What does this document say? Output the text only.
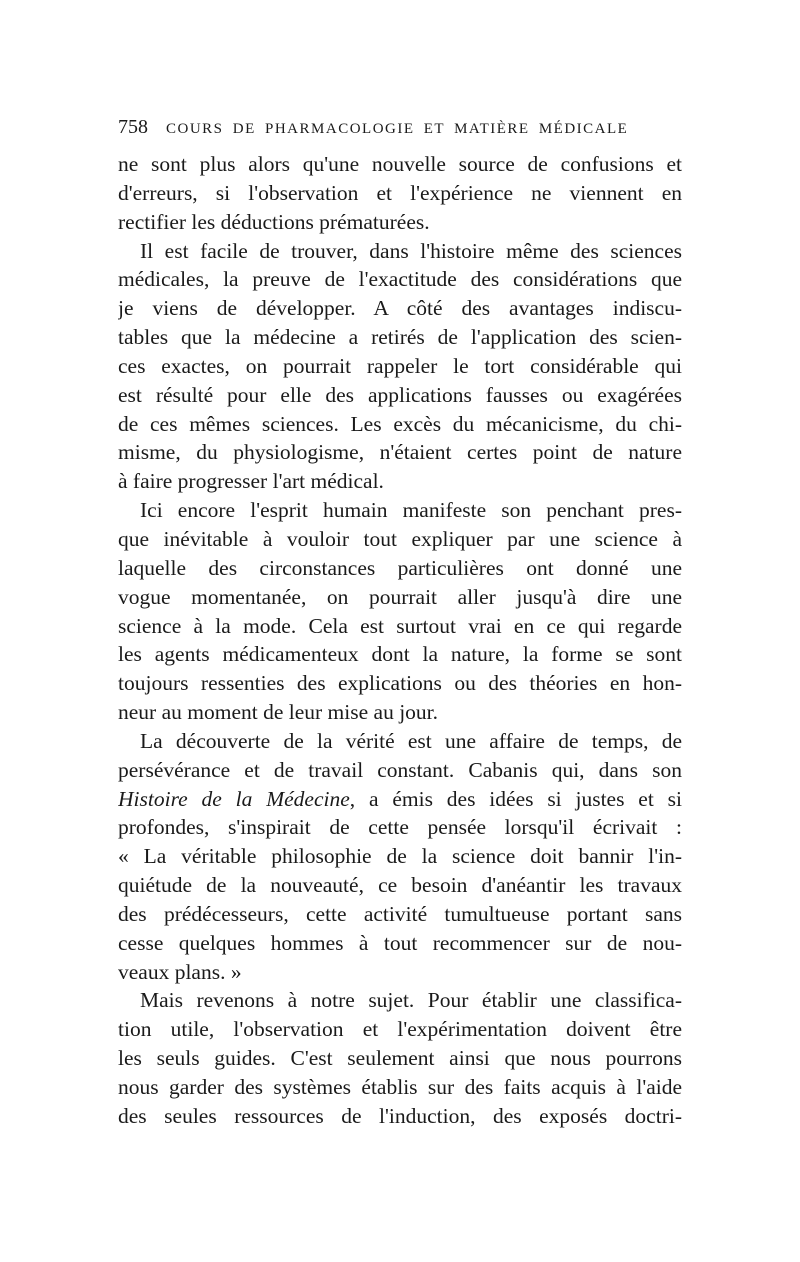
758 COURS DE PHARMACOLOGIE ET MATIÈRE MÉDICALE
ne sont plus alors qu'une nouvelle source de confusions et
d'erreurs, si l'observation et l'expérience ne viennent en
rectifier les déductions prématurées.
Il est facile de trouver, dans l'histoire même des sciences
médicales, la preuve de l'exactitude des considérations que
je viens de développer. A côté des avantages indiscu-
tables que la médecine a retirés de l'application des scien-
ces exactes, on pourrait rappeler le tort considérable qui
est résulté pour elle des applications fausses ou exagérées
de ces mêmes sciences. Les excès du mécanicisme, du chi-
misme, du physiologisme, n'étaient certes point de nature
à faire progresser l'art médical.
Ici encore l'esprit humain manifeste son penchant pres-
que inévitable à vouloir tout expliquer par une science à
laquelle des circonstances particulières ont donné une
vogue momentanée, on pourrait aller jusqu'à dire une
science à la mode. Cela est surtout vrai en ce qui regarde
les agents médicamenteux dont la nature, la forme se sont
toujours ressenties des explications ou des théories en hon-
neur au moment de leur mise au jour.
La découverte de la vérité est une affaire de temps, de
persévérance et de travail constant. Cabanis qui, dans son
Histoire de la Médecine, a émis des idées si justes et si
profondes, s'inspirait de cette pensée lorsqu'il écrivait :
« La véritable philosophie de la science doit bannir l'in-
quiétude de la nouveauté, ce besoin d'anéantir les travaux
des prédécesseurs, cette activité tumultueuse portant sans
cesse quelques hommes à tout recommencer sur de nou-
veaux plans. »
Mais revenons à notre sujet. Pour établir une classifica-
tion utile, l'observation et l'expérimentation doivent être
les seuls guides. C'est seulement ainsi que nous pourrons
nous garder des systèmes établis sur des faits acquis à l'aide
des seules ressources de l'induction, des exposés doctri-
